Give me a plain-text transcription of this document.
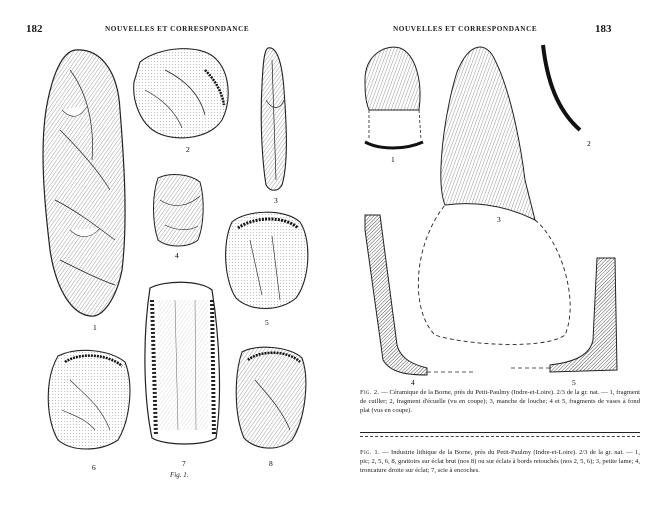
182	NOUVELLES ET CORRESPONDANCE
1
2
3
4
5
6	7	8
Fig. 1.
NOUVELLES ET CORRESPONDANCE	183
1
2
3
4	5
Fig. 2. — Céramique de la Borne, près du Petit-Paulmy (Indre-et-Loire). 2/3 de la gr. nat. — 1, fragment de cuiller; 2, fragment d'écuelle (vu en coupe); 3, manche de louche; 4 et 5, fragments de vases à fond plat (vus en coupe).
Fig. 1. — Industrie lithique de la Borne, près du Petit-Paulmy (Indre-et-Loire). 2/3 de la gr. nat. — 1, pic; 2, 5, 6, 8, grattoirs sur éclat brut (nos 8) ou sur éclats à bords retouchés (nos 2, 5, 6); 3, petite lame; 4, troncature droite sur éclat; 7, scie à encoches.
